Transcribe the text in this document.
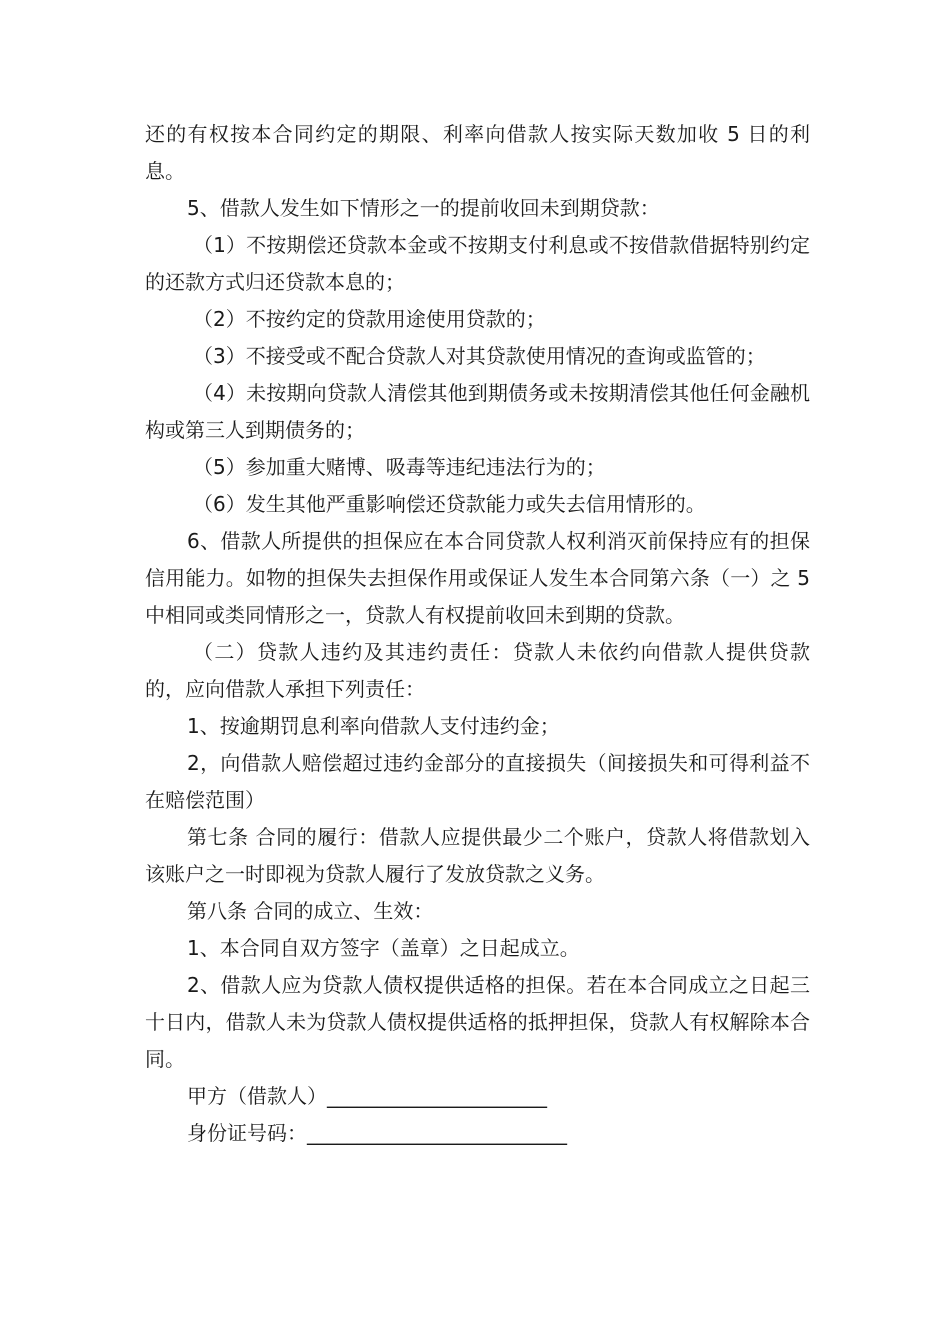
还的有权按本合同约定的期限、利率向借款人按实际天数加收 5 日的利息。

5、借款人发生如下情形之一的提前收回未到期贷款：

（1）不按期偿还贷款本金或不按期支付利息或不按借款借据特别约定的还款方式归还贷款本息的；

（2）不按约定的贷款用途使用贷款的；

（3）不接受或不配合贷款人对其贷款使用情况的查询或监管的；

（4）未按期向贷款人清偿其他到期债务或未按期清偿其他任何金融机构或第三人到期债务的；

（5）参加重大赌博、吸毒等违纪违法行为的；

（6）发生其他严重影响偿还贷款能力或失去信用情形的。

6、借款人所提供的担保应在本合同贷款人权利消灭前保持应有的担保信用能力。如物的担保失去担保作用或保证人发生本合同第六条（一）之 5 中相同或类同情形之一，贷款人有权提前收回未到期的贷款。

（二）贷款人违约及其违约责任：贷款人未依约向借款人提供贷款的，应向借款人承担下列责任：

1、按逾期罚息利率向借款人支付违约金；

2，向借款人赔偿超过违约金部分的直接损失（间接损失和可得利益不在赔偿范围）

第七条 合同的履行：借款人应提供最少二个账户，贷款人将借款划入该账户之一时即视为贷款人履行了发放贷款之义务。

第八条 合同的成立、生效：

1、本合同自双方签字（盖章）之日起成立。

2、借款人应为贷款人债权提供适格的担保。若在本合同成立之日起三十日内，借款人未为贷款人债权提供适格的抵押担保，贷款人有权解除本合同。

甲方（借款人）______________________

身份证号码：__________________________
